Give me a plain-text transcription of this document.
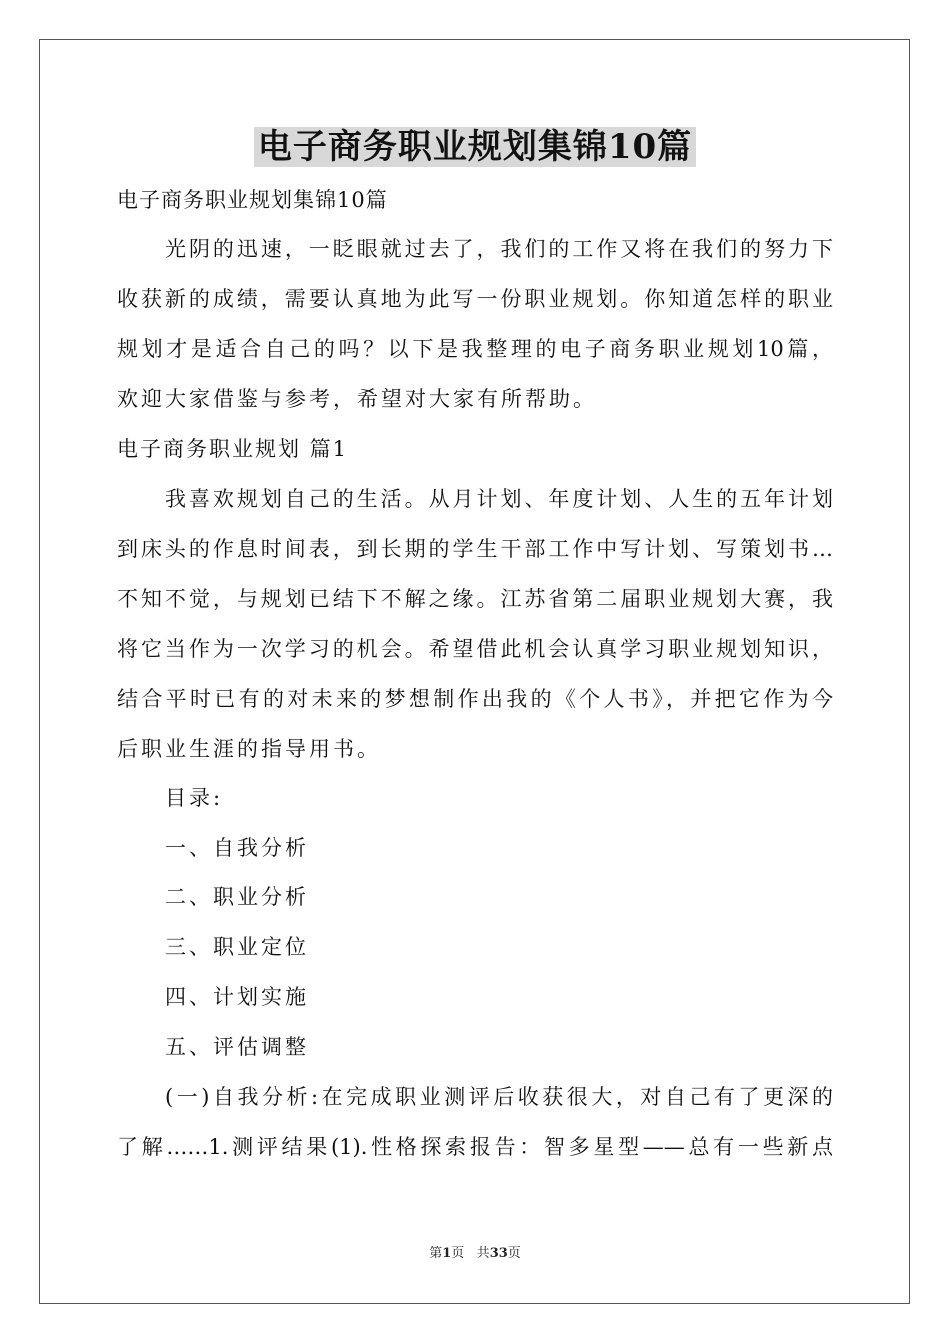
电子商务职业规划集锦10篇
电子商务职业规划集锦10篇
光阴的迅速，一眨眼就过去了，我们的工作又将在我们的努力下
收获新的成绩，需要认真地为此写一份职业规划。你知道怎样的职业
规划才是适合自己的吗？以下是我整理的电子商务职业规划10篇，
欢迎大家借鉴与参考，希望对大家有所帮助。
电子商务职业规划 篇1
我喜欢规划自己的生活。从月计划、年度计划、人生的五年计划
到床头的作息时间表，到长期的学生干部工作中写计划、写策划书…
不知不觉，与规划已结下不解之缘。江苏省第二届职业规划大赛，我
将它当作为一次学习的机会。希望借此机会认真学习职业规划知识，
结合平时已有的对未来的梦想制作出我的《个人书》，并把它作为今
后职业生涯的指导用书。
目录:
一、自我分析
二、职业分析
三、职业定位
四、计划实施
五、评估调整
(一)自我分析:在完成职业测评后收获很大，对自己有了更深的
了解……1.测评结果(1).性格探索报告：智多星型——总有一些新点
第1页 共33页
